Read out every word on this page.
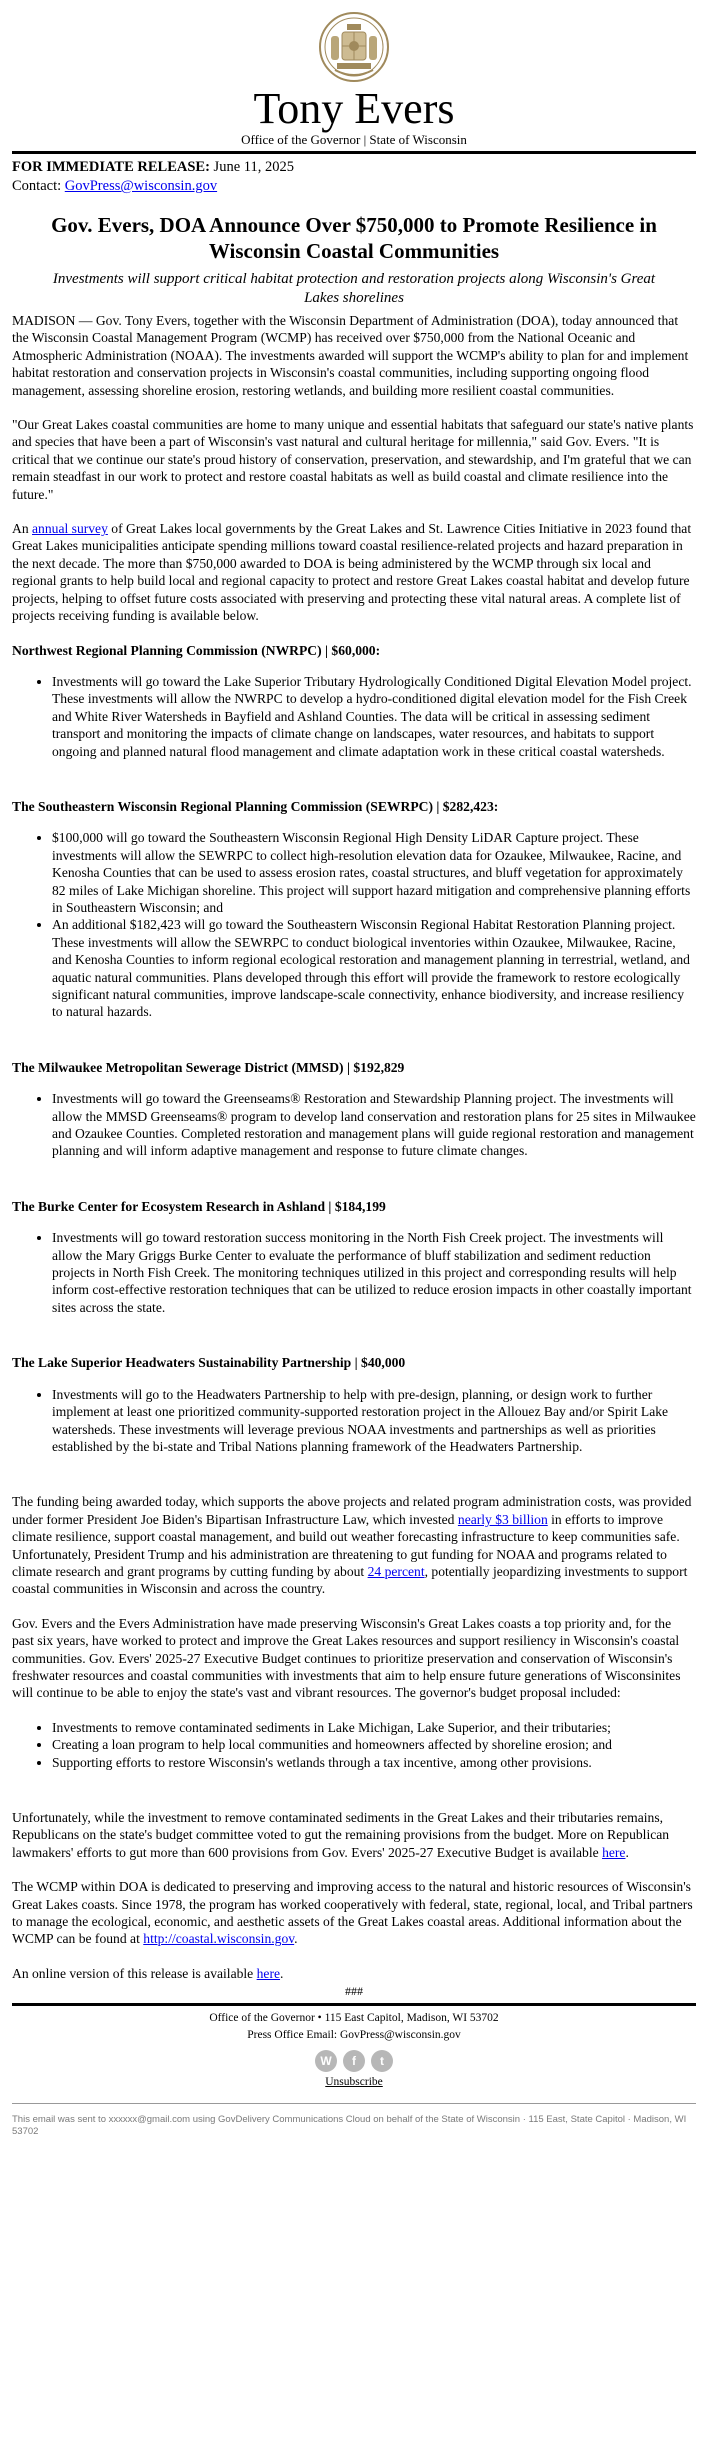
Tony Evers
Office of the Governor | State of Wisconsin
FOR IMMEDIATE RELEASE: June 11, 2025
Contact: GovPress@wisconsin.gov
Gov. Evers, DOA Announce Over $750,000 to Promote Resilience in Wisconsin Coastal Communities
Investments will support critical habitat protection and restoration projects along Wisconsin's Great Lakes shorelines

MADISON — Gov. Tony Evers, together with the Wisconsin Department of Administration (DOA), today announced that the Wisconsin Coastal Management Program (WCMP) has received over $750,000 from the National Oceanic and Atmospheric Administration (NOAA). The investments awarded will support the WCMP's ability to plan for and implement habitat restoration and conservation projects in Wisconsin's coastal communities, including supporting ongoing flood management, assessing shoreline erosion, restoring wetlands, and building more resilient coastal communities.

"Our Great Lakes coastal communities are home to many unique and essential habitats that safeguard our state's native plants and species that have been a part of Wisconsin's vast natural and cultural heritage for millennia," said Gov. Evers. "It is critical that we continue our state's proud history of conservation, preservation, and stewardship, and I'm grateful that we can remain steadfast in our work to protect and restore coastal habitats as well as build coastal and climate resilience into the future."

An annual survey of Great Lakes local governments by the Great Lakes and St. Lawrence Cities Initiative in 2023 found that Great Lakes municipalities anticipate spending millions toward coastal resilience-related projects and hazard preparation in the next decade. The more than $750,000 awarded to DOA is being administered by the WCMP through six local and regional grants to help build local and regional capacity to protect and restore Great Lakes coastal habitat and develop future projects, helping to offset future costs associated with preserving and protecting these vital natural areas. A complete list of projects receiving funding is available below.

Northwest Regional Planning Commission (NWRPC) | $60,000:
• Investments will go toward the Lake Superior Tributary Hydrologically Conditioned Digital Elevation Model project. These investments will allow the NWRPC to develop a hydro-conditioned digital elevation model for the Fish Creek and White River Watersheds in Bayfield and Ashland Counties. The data will be critical in assessing sediment transport and monitoring the impacts of climate change on landscapes, water resources, and habitats to support ongoing and planned natural flood management and climate adaptation work in these critical coastal watersheds.
The Southeastern Wisconsin Regional Planning Commission (SEWRPC) | $282,423:
• $100,000 will go toward the Southeastern Wisconsin Regional High Density LiDAR Capture project. These investments will allow the SEWRPC to collect high-resolution elevation data for Ozaukee, Milwaukee, Racine, and Kenosha Counties that can be used to assess erosion rates, coastal structures, and bluff vegetation for approximately 82 miles of Lake Michigan shoreline. This project will support hazard mitigation and comprehensive planning efforts in Southeastern Wisconsin; and
• An additional $182,423 will go toward the Southeastern Wisconsin Regional Habitat Restoration Planning project. These investments will allow the SEWRPC to conduct biological inventories within Ozaukee, Milwaukee, Racine, and Kenosha Counties to inform regional ecological restoration and management planning in terrestrial, wetland, and aquatic natural communities. Plans developed through this effort will provide the framework to restore ecologically significant natural communities, improve landscape-scale connectivity, enhance biodiversity, and increase resiliency to natural hazards.
The Milwaukee Metropolitan Sewerage District (MMSD) | $192,829
• Investments will go toward the Greenseams® Restoration and Stewardship Planning project. The investments will allow the MMSD Greenseams® program to develop land conservation and restoration plans for 25 sites in Milwaukee and Ozaukee Counties. Completed restoration and management plans will guide regional restoration and management planning and will inform adaptive management and response to future climate changes.
The Burke Center for Ecosystem Research in Ashland | $184,199
• Investments will go toward restoration success monitoring in the North Fish Creek project. The investments will allow the Mary Griggs Burke Center to evaluate the performance of bluff stabilization and sediment reduction projects in North Fish Creek. The monitoring techniques utilized in this project and corresponding results will help inform cost-effective restoration techniques that can be utilized to reduce erosion impacts in other coastally important sites across the state.
The Lake Superior Headwaters Sustainability Partnership | $40,000
• Investments will go to the Headwaters Partnership to help with pre-design, planning, or design work to further implement at least one prioritized community-supported restoration project in the Allouez Bay and/or Spirit Lake watersheds. These investments will leverage previous NOAA investments and partnerships as well as priorities established by the bi-state and Tribal Nations planning framework of the Headwaters Partnership.

The funding being awarded today, which supports the above projects and related program administration costs, was provided under former President Joe Biden's Bipartisan Infrastructure Law, which invested nearly $3 billion in efforts to improve climate resilience, support coastal management, and build out weather forecasting infrastructure to keep communities safe. Unfortunately, President Trump and his administration are threatening to gut funding for NOAA and programs related to climate research and grant programs by cutting funding by about 24 percent, potentially jeopardizing investments to support coastal communities in Wisconsin and across the country.

Gov. Evers and the Evers Administration have made preserving Wisconsin's Great Lakes coasts a top priority and, for the past six years, have worked to protect and improve the Great Lakes resources and support resiliency in Wisconsin's coastal communities. Gov. Evers' 2025-27 Executive Budget continues to prioritize preservation and conservation of Wisconsin's freshwater resources and coastal communities with investments that aim to help ensure future generations of Wisconsinites will continue to be able to enjoy the state's vast and vibrant resources. The governor's budget proposal included:

• Investments to remove contaminated sediments in Lake Michigan, Lake Superior, and their tributaries;
• Creating a loan program to help local communities and homeowners affected by shoreline erosion; and
• Supporting efforts to restore Wisconsin's wetlands through a tax incentive, among other provisions.

Unfortunately, while the investment to remove contaminated sediments in the Great Lakes and their tributaries remains, Republicans on the state's budget committee voted to gut the remaining provisions from the budget. More on Republican lawmakers' efforts to gut more than 600 provisions from Gov. Evers' 2025-27 Executive Budget is available here.

The WCMP within DOA is dedicated to preserving and improving access to the natural and historic resources of Wisconsin's Great Lakes coasts. Since 1978, the program has worked cooperatively with federal, state, regional, local, and Tribal partners to manage the ecological, economic, and aesthetic assets of the Great Lakes coastal areas. Additional information about the WCMP can be found at http://coastal.wisconsin.gov.

An online version of this release is available here.

###
Office of the Governor • 115 East Capitol, Madison, WI 53702
Press Office Email: GovPress@wisconsin.gov
W	f	t
Unsubscribe
This email was sent to xxxxxx@gmail.com using GovDelivery Communications Cloud on behalf of the State of Wisconsin · 115 East, State Capitol · Madison, WI 53702
